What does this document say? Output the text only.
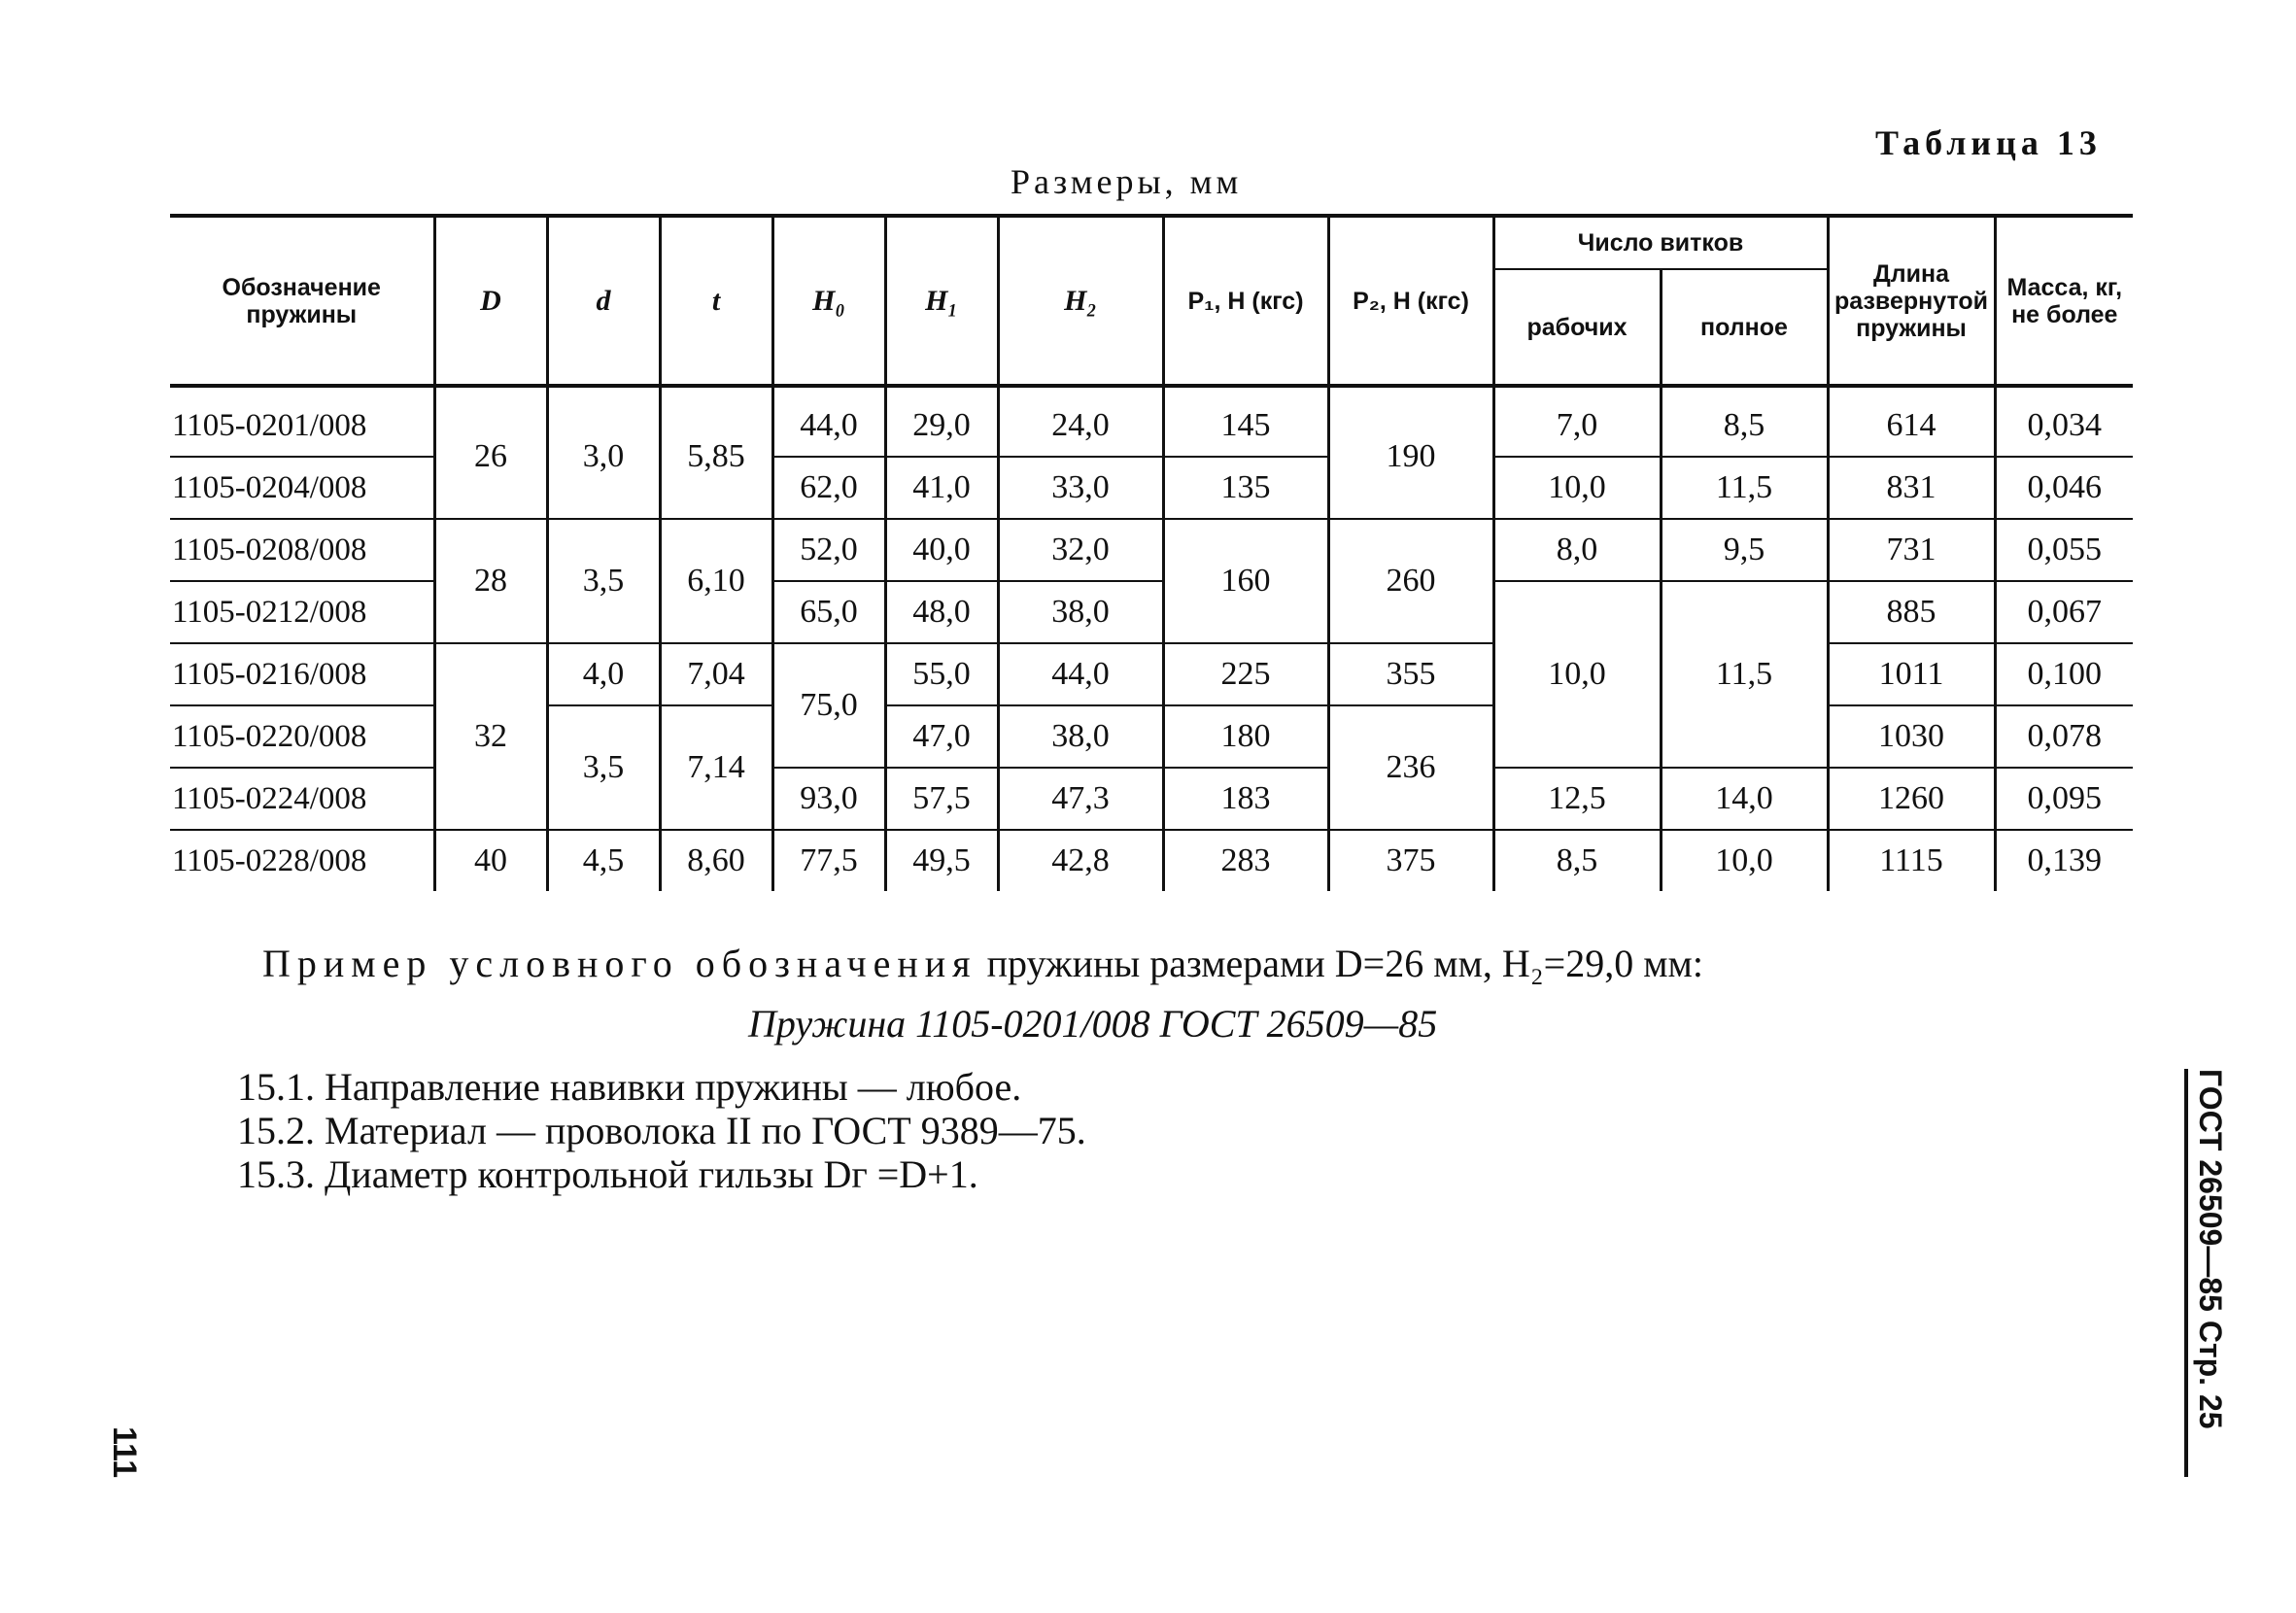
Таблица 13
Размеры, мм
Обозначение пружины	D	d	t	H₀	H₁	H₂	P₁, Н (кгс)	P₂, Н (кгс)	Число витков		Длина развернутой пружины	Масса, кг, не более
									рабочих	полное		
1105-0201/008	26	3,0	5,85	44,0	29,0	24,0	145	190	7,0	8,5	614	0,034
1105-0204/008				62,0	41,0	33,0	135		10,0	11,5	831	0,046
1105-0208/008	28	3,5	6,10	52,0	40,0	32,0	160	260	8,0	9,5	731	0,055
1105-0212/008				65,0	48,0	38,0			10,0	11,5	885	0,067
1105-0216/008	32	4,0	7,04	75,0	55,0	44,0	225	355			1011	0,100
1105-0220/008		3,5	7,14		47,0	38,0	180	236			1030	0,078
1105-0224/008				93,0	57,5	47,3	183		12,5	14,0	1260	0,095
1105-0228/008	40	4,5	8,60	77,5	49,5	42,8	283	375	8,5	10,0	1115	0,139
Пример условного обозначения пружины размерами D=26 мм, H₂=29,0 мм:
Пружина 1105-0201/008 ГОСТ 26509—85
15.1. Направление навивки пружины — любое.
15.2. Материал — проволока II по ГОСТ 9389—75.
15.3. Диаметр контрольной гильзы Dг =D+1.	ГОСТ 26509—85 Стр. 25
111
